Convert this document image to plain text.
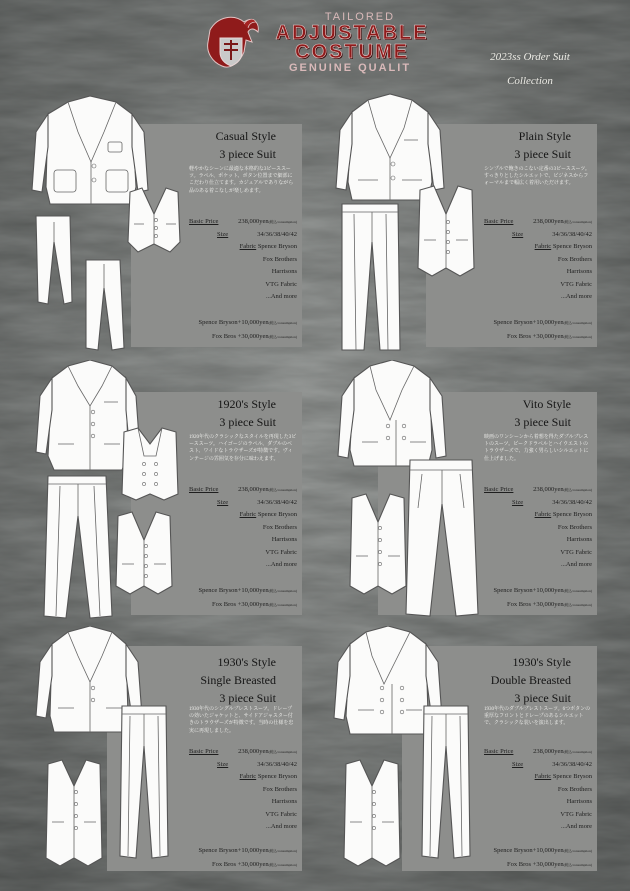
TAILORED
ADJUSTABLE
COSTUME
GENUINE QUALIT
2023ss Order Suit
Collection
Casual Style
3 piece Suit
軽やかなシーンに最適な本格的な3ピーススーツ。ラペル、ポケット、ボタン位置まで細部にこだわり仕立てます。カジュアルでありながら品のある着こなしが楽しめます。
Basic Price	238,000yen(税込/consumption)
Size	34/36/38/40/42
Fabric Spence Bryson
Fox Brothers
Harrisons
VTG Fabric
...And more
Spence Bryson+10,000yen(税込/consumption)
Fox Bros +30,000yen(税込/consumption)
Plain Style
3 piece Suit
シンプルで飽きのこない定番の3ピーススーツ。すっきりとしたシルエットで、ビジネスからフォーマルまで幅広く着用いただけます。
Basic Price	238,000yen(税込/consumption)
Size	34/36/38/40/42
Fabric Spence Bryson
Fox Brothers
Harrisons
VTG Fabric
...And more
Spence Bryson+10,000yen(税込/consumption)
Fox Bros +30,000yen(税込/consumption)
1920's Style
3 piece Suit
1920年代のクラシックなスタイルを再現した3ピーススーツ。ハイゴージのラペル、ダブルのベスト、ワイドなトラウザーズが特徴です。ヴィンテージの雰囲気を存分に味わえます。
Basic Price	238,000yen(税込/consumption)
Size	34/36/38/40/42
Fabric Spence Bryson
Fox Brothers
Harrisons
VTG Fabric
...And more
Spence Bryson+10,000yen(税込/consumption)
Fox Bros +30,000yen(税込/consumption)
Vito Style
3 piece Suit
映画のワンシーンから着想を得たダブルブレストのスーツ。ピークドラペルとハイウエストのトラウザーズで、力強く男らしいシルエットに仕上げました。
Basic Price	238,000yen(税込/consumption)
Size	34/36/38/40/42
Fabric Spence Bryson
Fox Brothers
Harrisons
VTG Fabric
...And more
Spence Bryson+10,000yen(税込/consumption)
Fox Bros +30,000yen(税込/consumption)
1930's Style
Single Breasted
3 piece Suit
1930年代のシングルブレストスーツ。ドレープの効いたジャケットと、サイドアジャスター付きのトラウザーズが特徴です。当時の仕様を忠実に再現しました。
Basic Price	238,000yen(税込/consumption)
Size	34/36/38/40/42
Fabric Spence Bryson
Fox Brothers
Harrisons
VTG Fabric
...And more
Spence Bryson+10,000yen(税込/consumption)
Fox Bros +30,000yen(税込/consumption)
1930's Style
Double Breasted
3 piece Suit
1930年代のダブルブレストスーツ。6つボタンの重厚なフロントとドレープのあるシルエットで、クラシックな装いを演出します。
Basic Price	238,000yen(税込/consumption)
Size	34/36/38/40/42
Fabric Spence Bryson
Fox Brothers
Harrisons
VTG Fabric
...And more
Spence Bryson+10,000yen(税込/consumption)
Fox Bros +30,000yen(税込/consumption)
